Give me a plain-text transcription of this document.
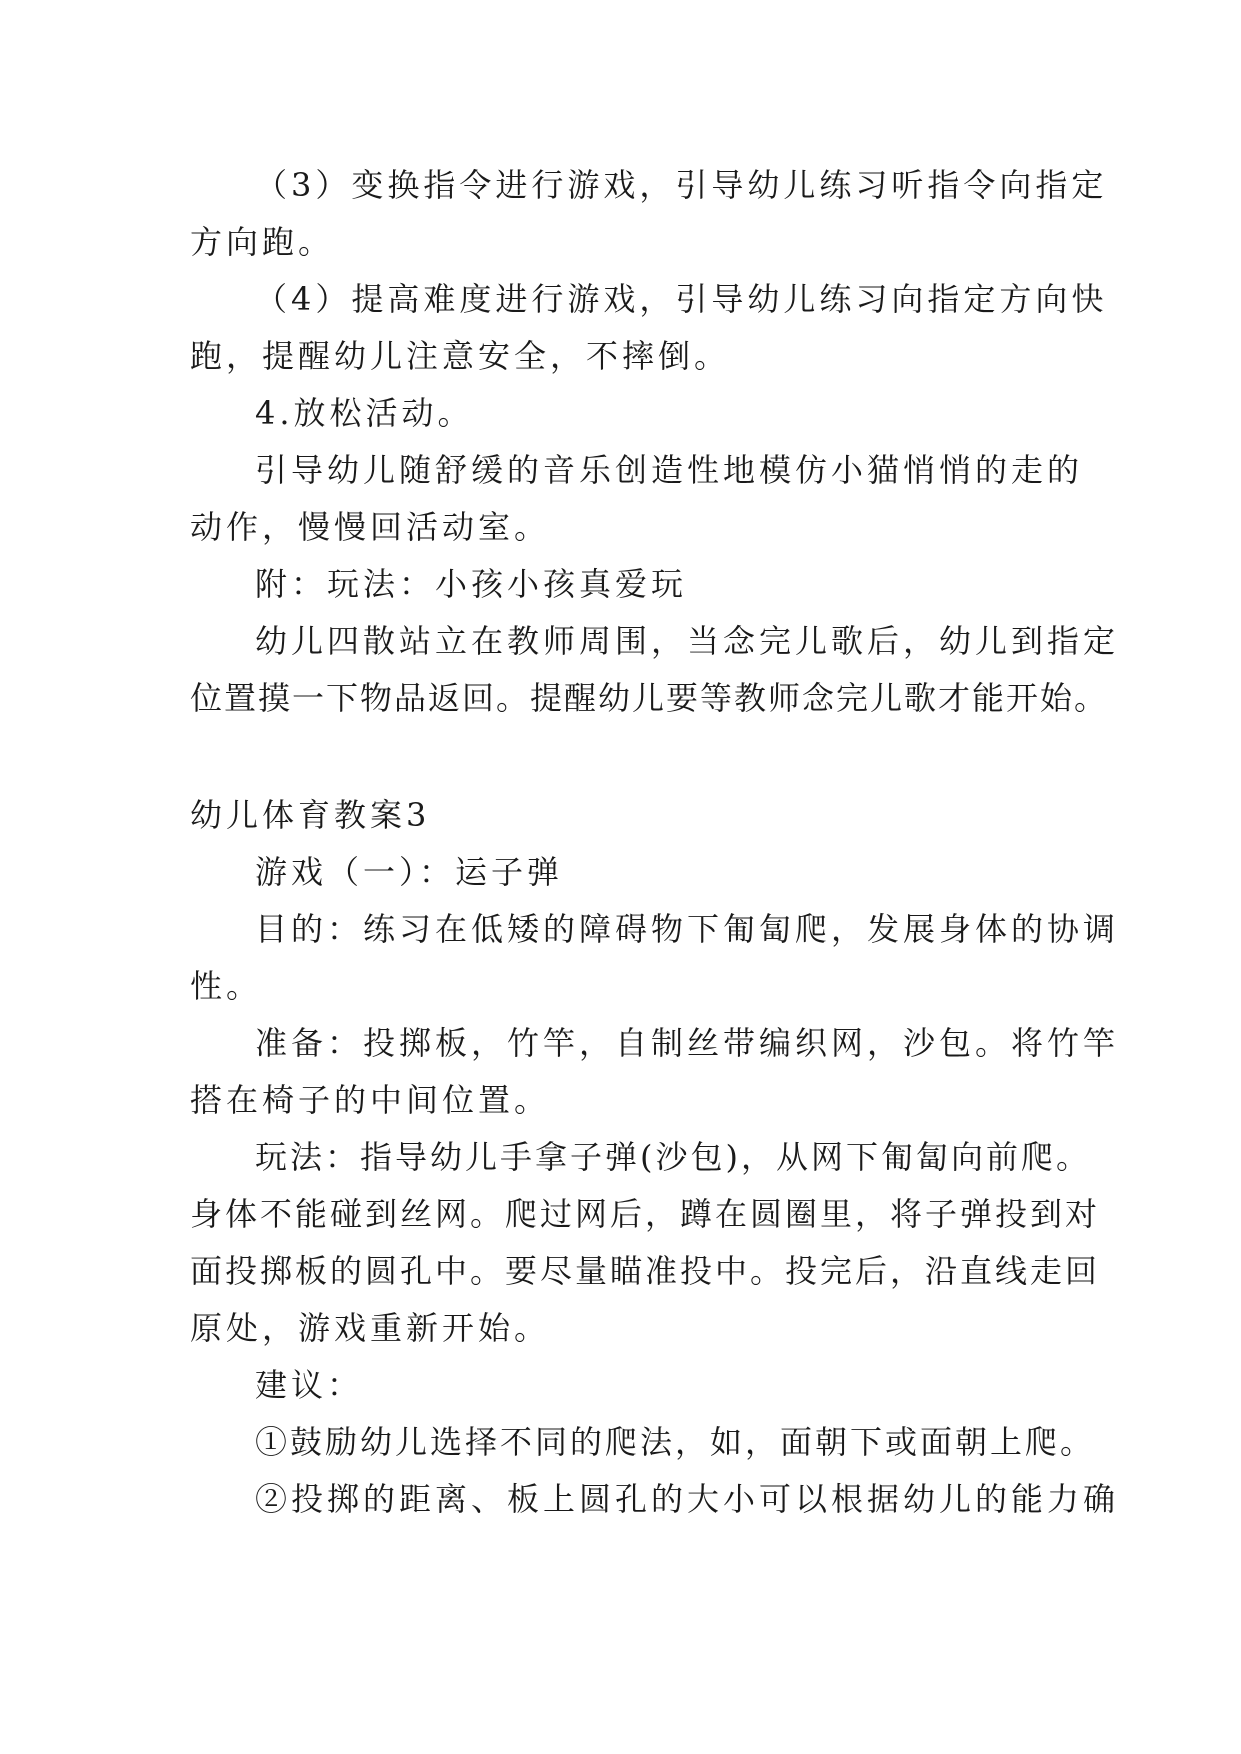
（3）变换指令进行游戏，引导幼儿练习听指令向指定
方向跑。
（4）提高难度进行游戏，引导幼儿练习向指定方向快
跑，提醒幼儿注意安全，不摔倒。
4.放松活动。
引导幼儿随舒缓的音乐创造性地模仿小猫悄悄的走的
动作，慢慢回活动室。
附：玩法：小孩小孩真爱玩
幼儿四散站立在教师周围，当念完儿歌后，幼儿到指定
位置摸一下物品返回。提醒幼儿要等教师念完儿歌才能开始。
幼儿体育教案3
游戏（一）：运子弹
目的：练习在低矮的障碍物下匍匐爬，发展身体的协调
性。
准备：投掷板，竹竿，自制丝带编织网，沙包。将竹竿
搭在椅子的中间位置。
玩法：指导幼儿手拿子弹(沙包)，从网下匍匐向前爬。
身体不能碰到丝网。爬过网后，蹲在圆圈里，将子弹投到对
面投掷板的圆孔中。要尽量瞄准投中。投完后，沿直线走回
原处，游戏重新开始。
建议：
①鼓励幼儿选择不同的爬法，如，面朝下或面朝上爬。
②投掷的距离、板上圆孔的大小可以根据幼儿的能力确
